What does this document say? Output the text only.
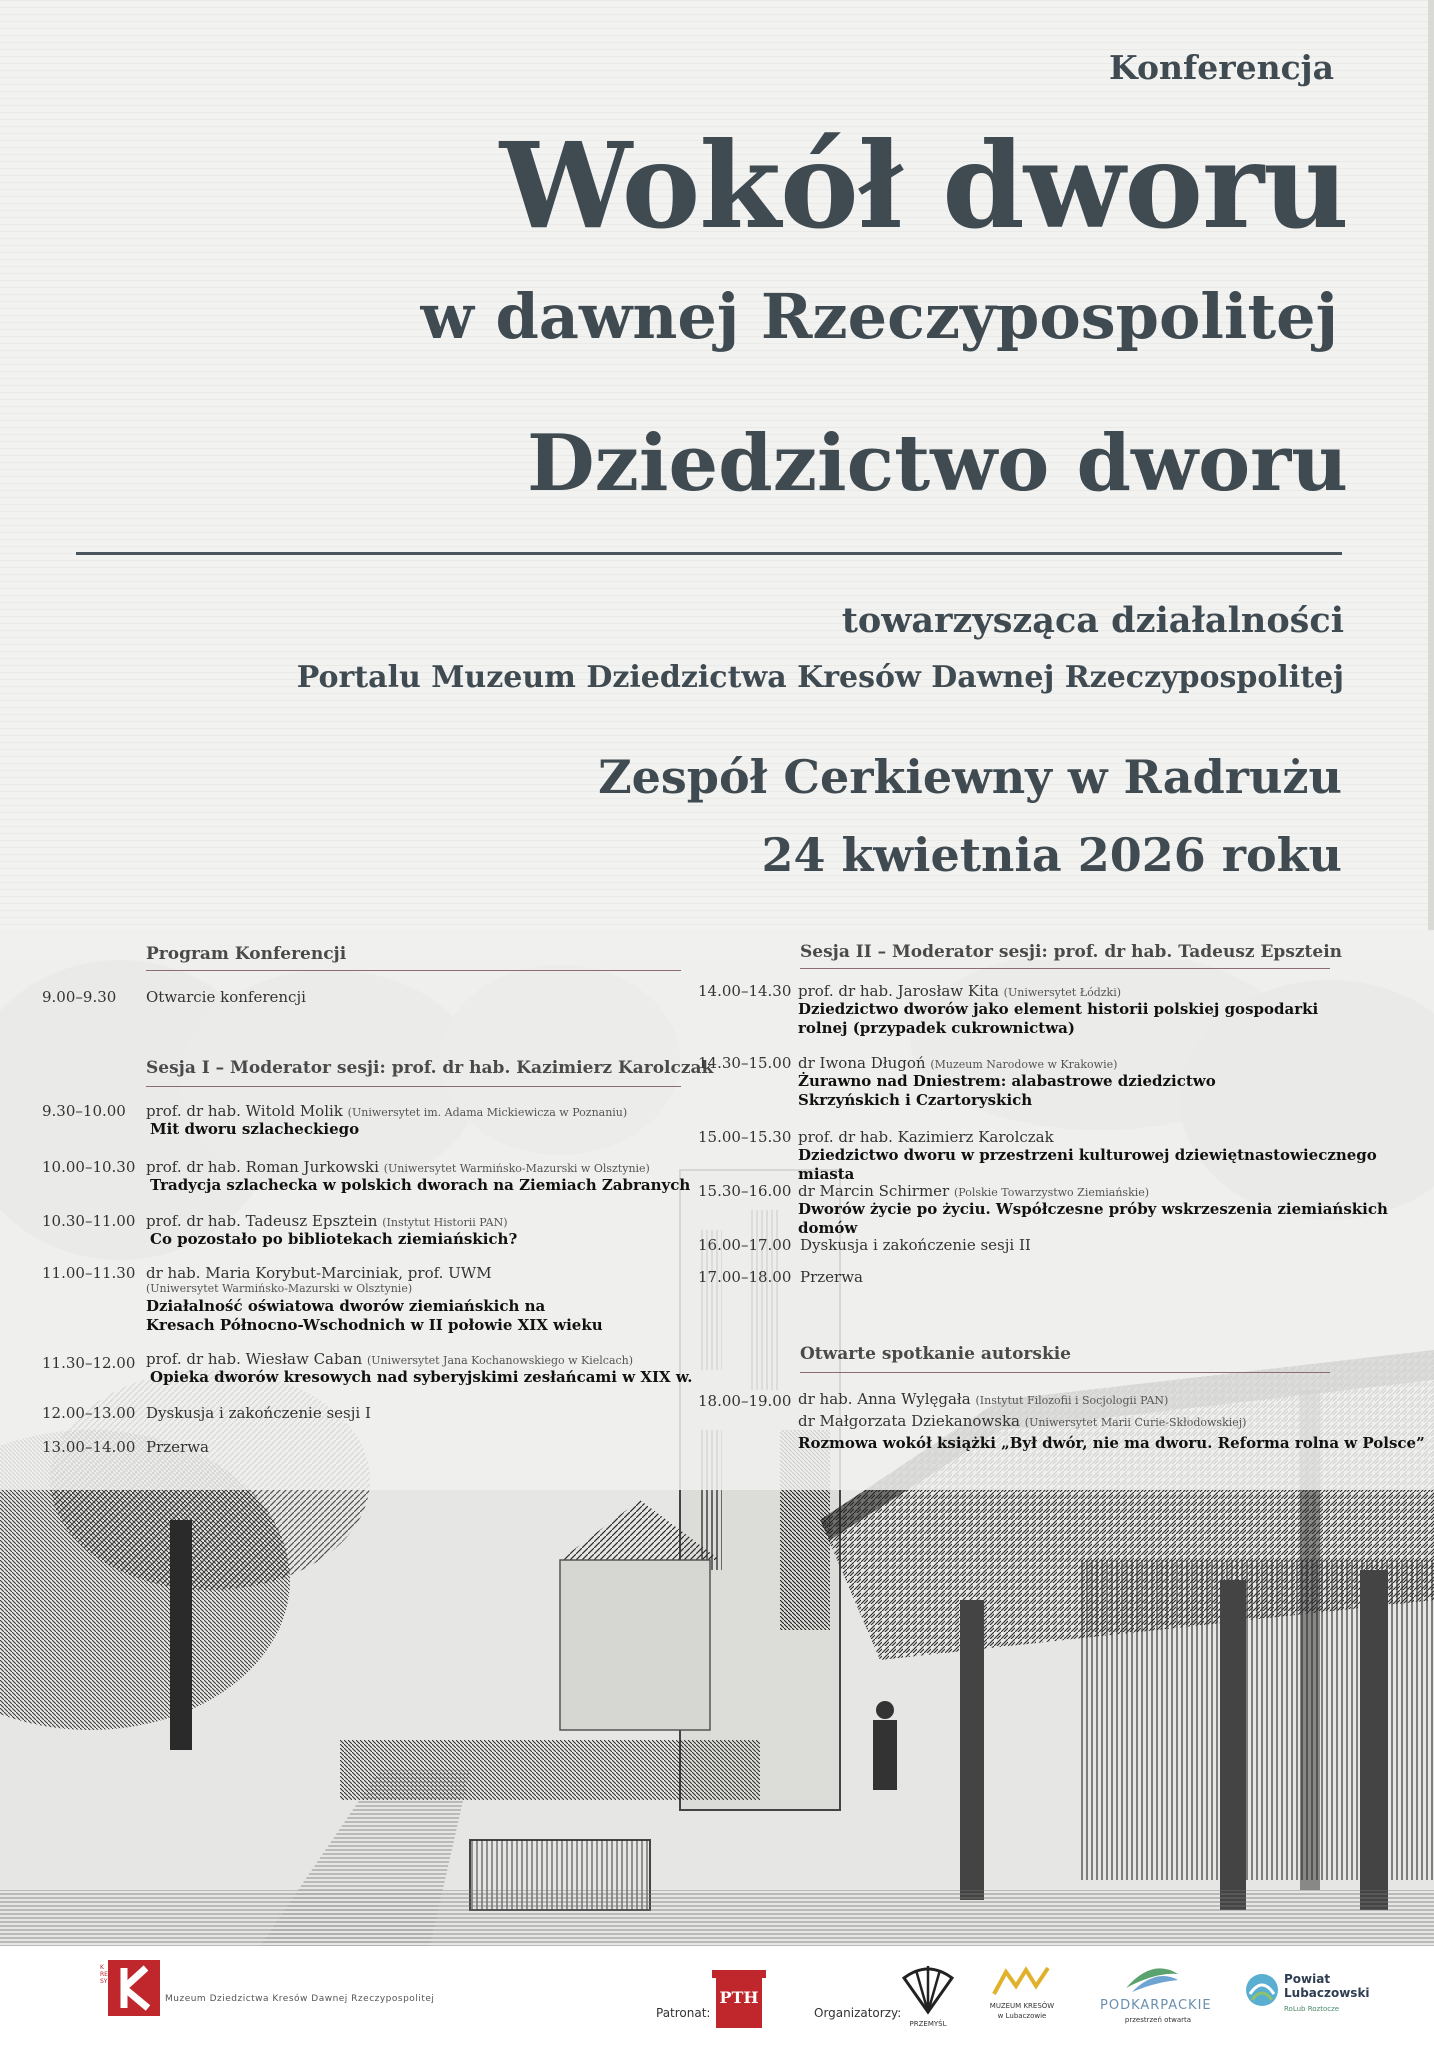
Konferencja
Wokół dworu
w dawnej Rzeczypospolitej
Dziedzictwo dworu
towarzysząca działalności
Portalu Muzeum Dziedzictwa Kresów Dawnej Rzeczypospolitej
Zespół Cerkiewny w Radrużu
24 kwietnia 2026 roku
Program Konferencji
9.00–9.30 Otwarcie konferencji
Sesja I – Moderator sesji: prof. dr hab. Kazimierz Karolczak
9.30–10.00 prof. dr hab. Witold Molik (Uniwersytet im. Adama Mickiewicza w Poznaniu)
Mit dworu szlacheckiego
10.00–10.30 prof. dr hab. Roman Jurkowski (Uniwersytet Warmińsko-Mazurski w Olsztynie)
Tradycja szlachecka w polskich dworach na Ziemiach Zabranych
10.30–11.00 prof. dr hab. Tadeusz Epsztein (Instytut Historii PAN)
Co pozostało po bibliotekach ziemiańskich?
11.00–11.30 dr hab. Maria Korybut-Marciniak, prof. UWM
(Uniwersytet Warmińsko-Mazurski w Olsztynie)
Działalność oświatowa dworów ziemiańskich na
Kresach Północno-Wschodnich w II połowie XIX wieku
11.30–12.00 prof. dr hab. Wiesław Caban (Uniwersytet Jana Kochanowskiego w Kielcach)
Opieka dworów kresowych nad syberyjskimi zesłańcami w XIX w.
12.00–13.00 Dyskusja i zakończenie sesji I
13.00–14.00 Przerwa
Sesja II – Moderator sesji: prof. dr hab. Tadeusz Epsztein
14.00–14.30 prof. dr hab. Jarosław Kita (Uniwersytet Łódzki)
Dziedzictwo dworów jako element historii polskiej gospodarki
rolnej (przypadek cukrownictwa)
14.30–15.00 dr Iwona Długoń (Muzeum Narodowe w Krakowie)
Żurawno nad Dniestrem: alabastrowe dziedzictwo
Skrzyńskich i Czartoryskich
15.00–15.30 prof. dr hab. Kazimierz Karolczak
Dziedzictwo dworu w przestrzeni kulturowej dziewiętnastowiecznego miasta
15.30–16.00 dr Marcin Schirmer (Polskie Towarzystwo Ziemiańskie)
Dworów życie po życiu. Współczesne próby wskrzeszenia ziemiańskich domów
16.00–17.00 Dyskusja i zakończenie sesji II
17.00–18.00 Przerwa
Otwarte spotkanie autorskie
18.00–19.00 dr hab. Anna Wylęgała (Instytut Filozofii i Socjologii PAN)
dr Małgorzata Dziekanowska (Uniwersytet Marii Curie-Skłodowskiej)
Rozmowa wokół książki „Był dwór, nie ma dworu. Reforma rolna w Polsce”
KRESY
Muzeum Dziedzictwa Kresów Dawnej Rzeczypospolitej
Patronat:
PTH
Organizatorzy:
PRZEMYŚL
MUZEUM KRESÓW
w Lubaczowie
PODKARPACKIE
przestrzeń otwarta
Powiat
Lubaczowski
RoLub Roztocze
